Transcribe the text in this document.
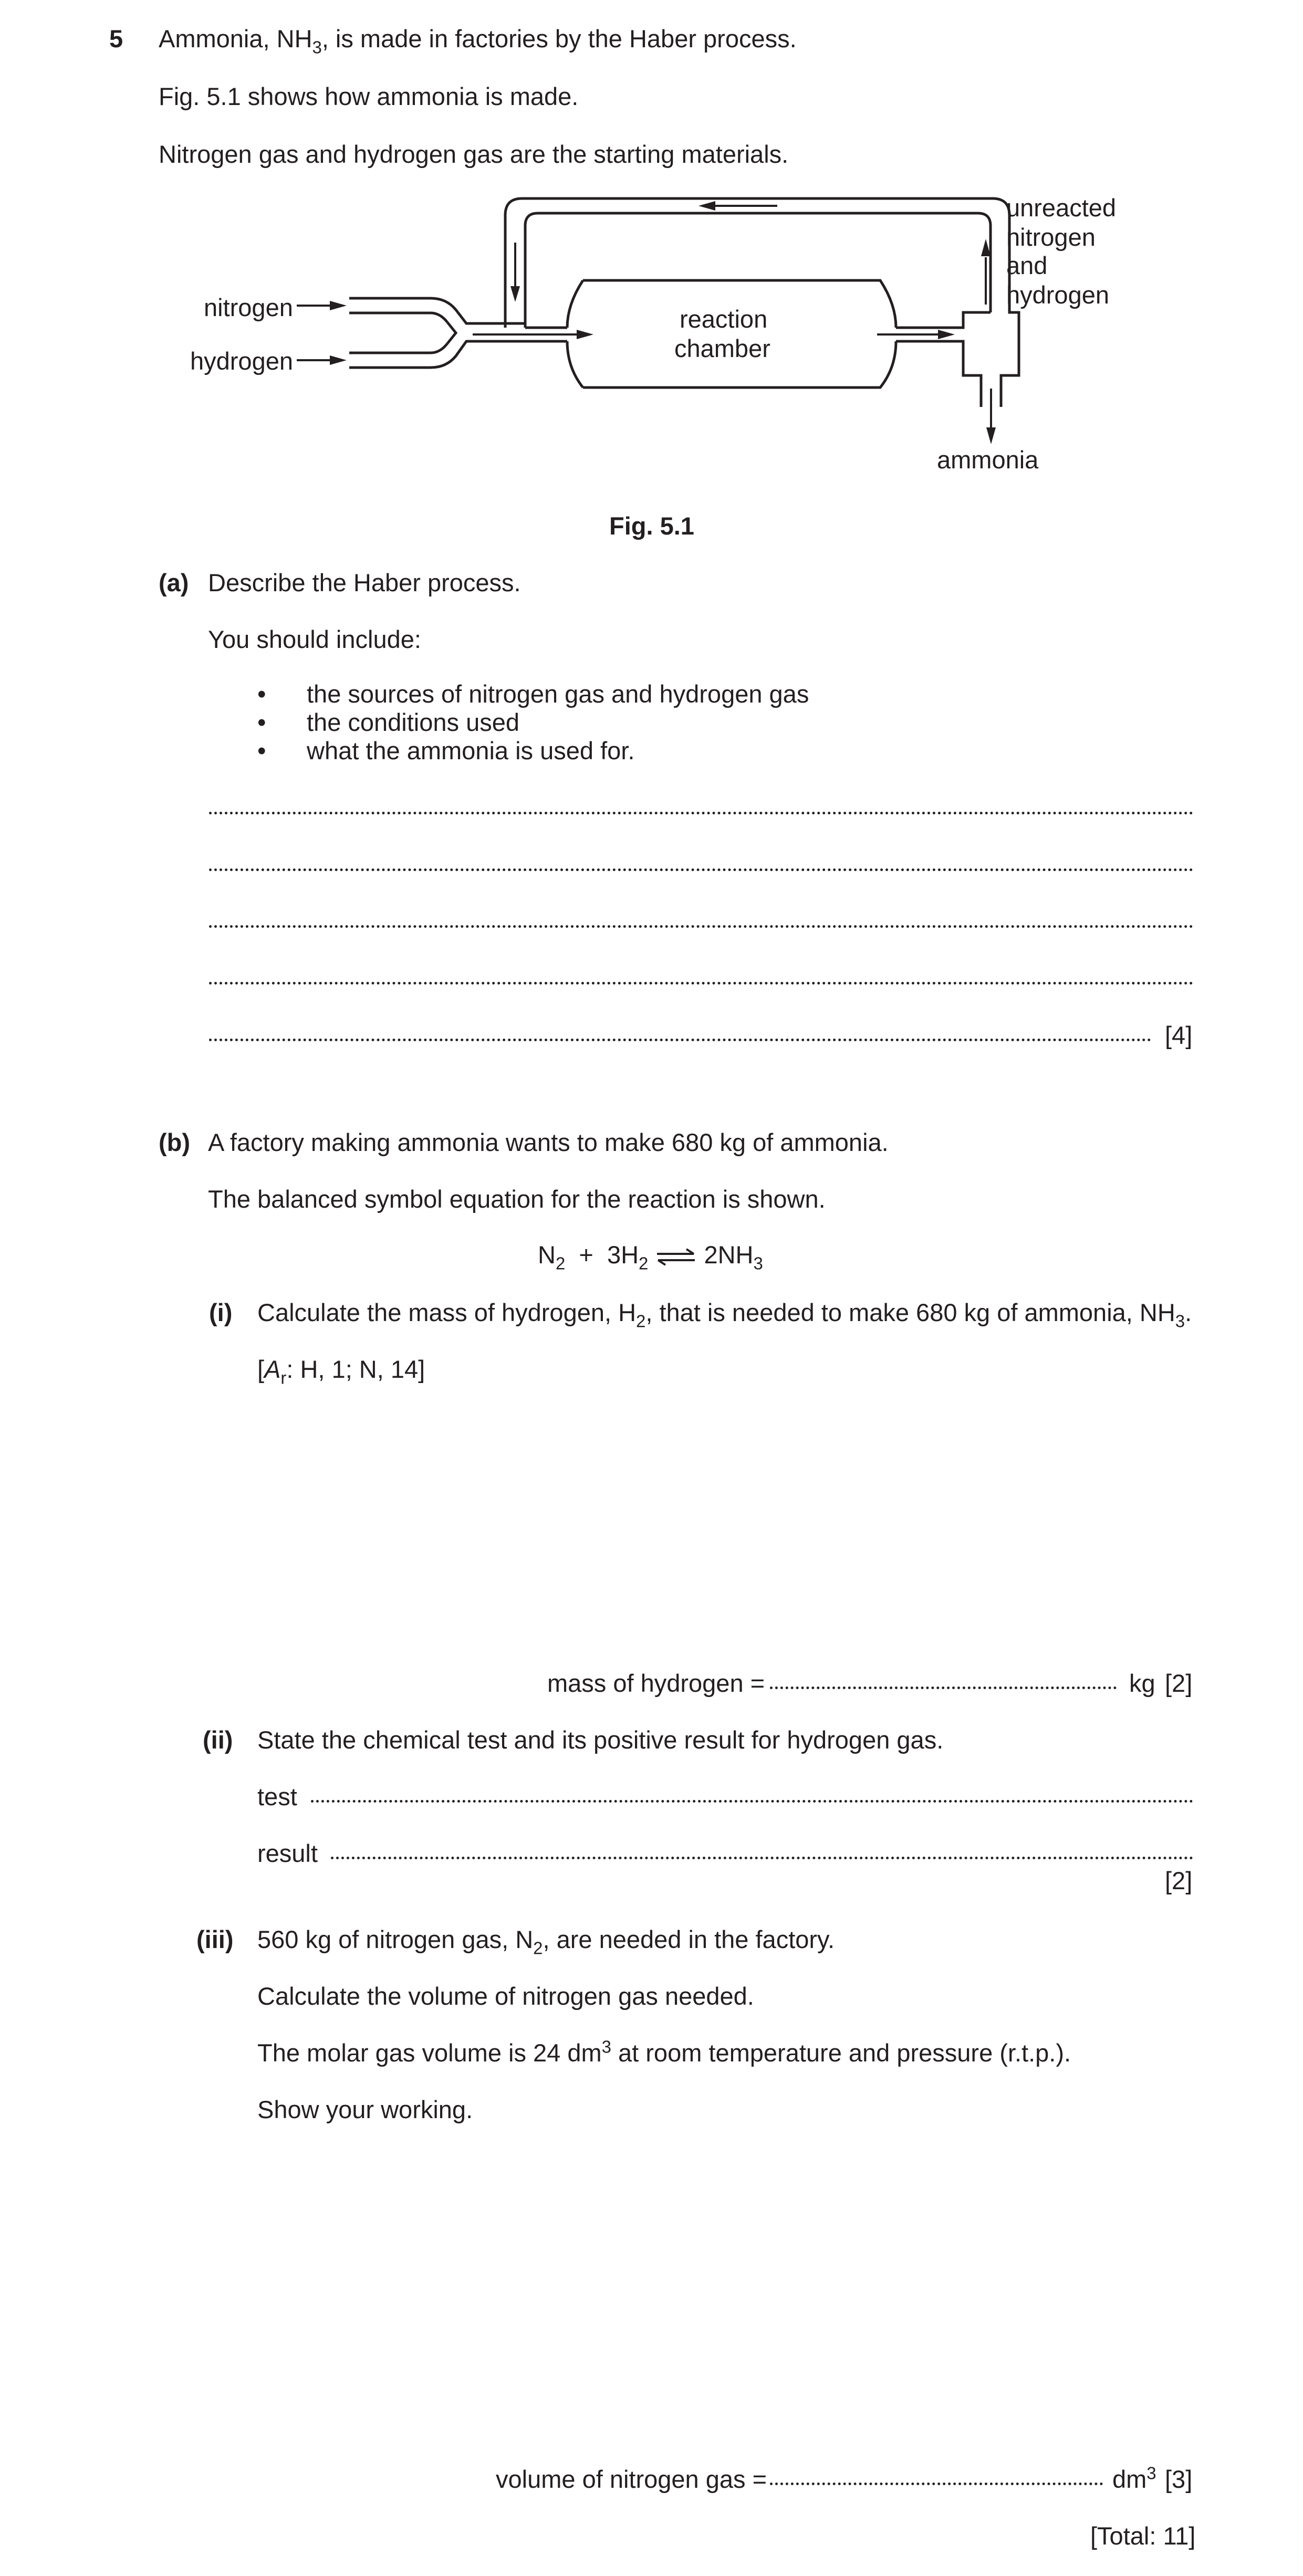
5 Ammonia, $NH_3$, is made in factories by the Haber process.
Fig. 5.1 shows how ammonia is made.
Nitrogen gas and hydrogen gas are the starting materials.
nitrogen
hydrogen
reaction
chamber
unreacted
nitrogen
and
hydrogen
ammonia
Fig. 5.1
(a) Describe the Haber process.
You should include:
• the sources of nitrogen gas and hydrogen gas
• the conditions used
• what the ammonia is used for.
[4]
(b) A factory making ammonia wants to make 680 kg of ammonia.
The balanced symbol equation for the reaction is shown.
$N_2 + 3H_2$ ⇌ $2NH_3$
(i) Calculate the mass of hydrogen, $H_2$, that is needed to make 680 kg of ammonia, $NH_3$.
[$A_r$: H, 1; N, 14]
mass of hydrogen =	kg [2]
(ii) State the chemical test and its positive result for hydrogen gas.
test
result
[2]
(iii) 560 kg of nitrogen gas, $N_2$, are needed in the factory.
Calculate the volume of nitrogen gas needed.
The molar gas volume is 24 $dm^3$ at room temperature and pressure (r.t.p.).
Show your working.
volume of nitrogen gas =	$dm^3$ [3]
[Total: 11]
